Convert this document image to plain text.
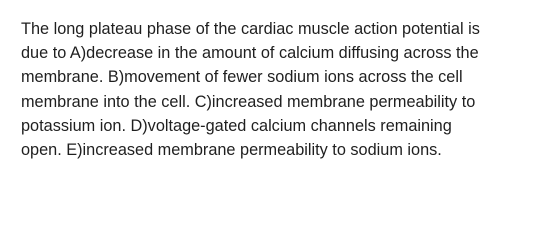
The long plateau phase of the cardiac muscle action potential is
due to A)decrease in the amount of calcium diffusing across the
membrane. B)movement of fewer sodium ions across the cell
membrane into the cell. C)increased membrane permeability to
potassium ion. D)voltage-gated calcium channels remaining
open. E)increased membrane permeability to sodium ions.
